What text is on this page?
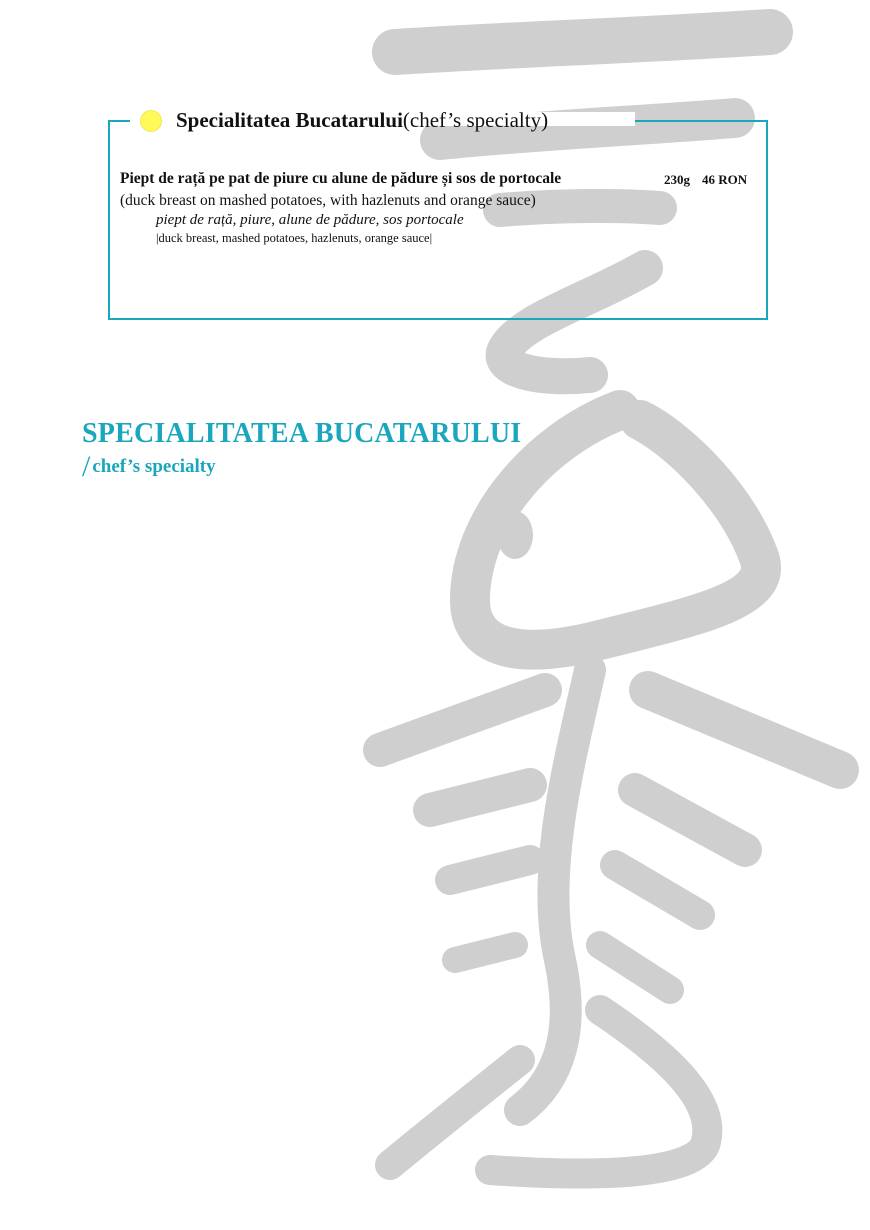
Specialitatea Bucatarului (chef’s specialty)
Piept de rață pe pat de piure cu alune de pădure și sos de portocale	230g 46 RON
(duck breast on mashed potatoes, with hazlenuts and orange sauce)
piept de rață, piure, alune de pădure, sos portocale
|duck breast, mashed potatoes, hazlenuts, orange sauce|
SPECIALITATEA BUCATARULUI
/ chef’s specialty
